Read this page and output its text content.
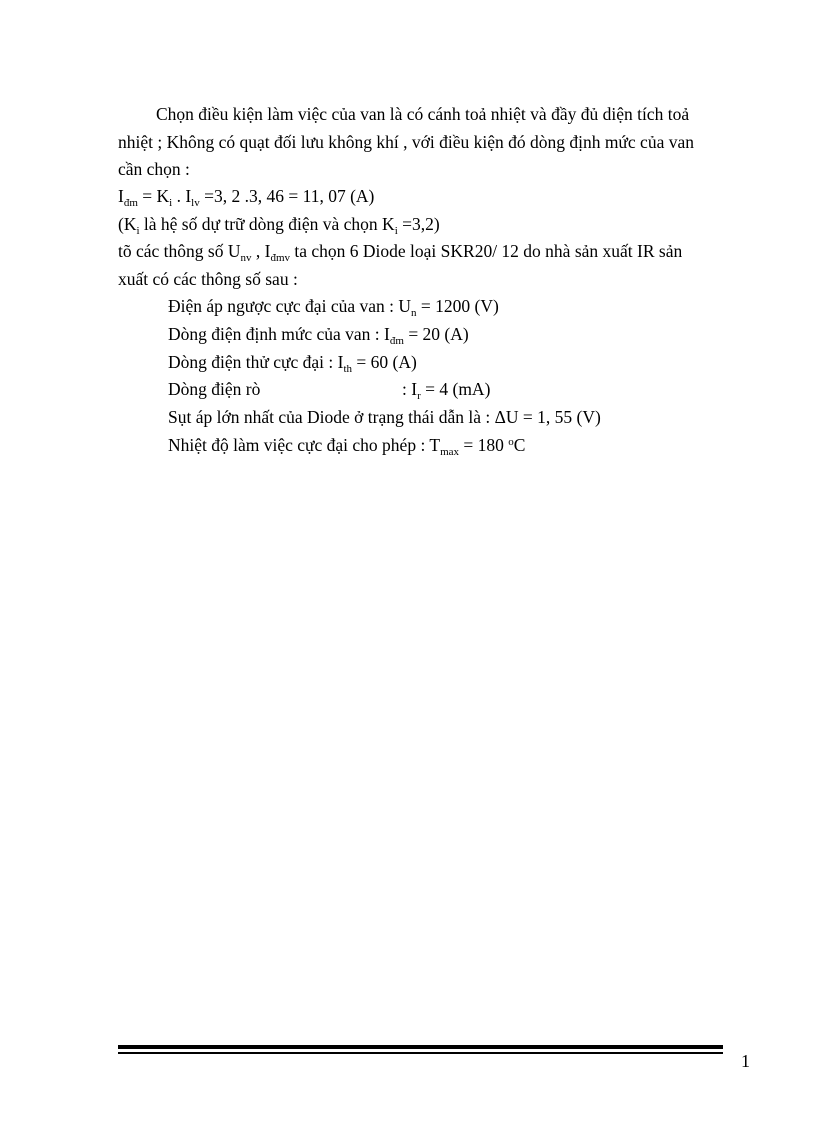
Chọn điều kiện làm việc của van là có cánh toả nhiệt và đầy đủ diện tích toả
nhiệt ; Không có quạt đối lưu không khí , với điều kiện đó dòng định mức của van
cần chọn :
$I_{đm} = K_i$ . $I_{lv} =3$, 2 .3, 46 = 11, 07 (A)
($K_i$ là hệ số dự trữ dòng điện và chọn $K_i =3,2$)
tõ các thông số $U_{nv}$ , $I_{đmv}$ ta chọn 6 Diode loại SKR20/ 12 do nhà sản xuất IR sản
xuất có các thông số sau :
Điện áp ngược cực đại của van : $U_n = 1200$ (V)
Dòng điện định mức của van : $I_{đm} = 20$ (A)
Dòng điện thử cực đại : $I_{th} = 60$ (A)
Dòng điện rò	: $I_r = 4$ (mA)
Sụt áp lớn nhất của Diode ở trạng thái dẫn là : ΔU = 1, 55 (V)
Nhiệt độ làm việc cực đại cho phép : $T_{max} = 180$ $^o$C
1
